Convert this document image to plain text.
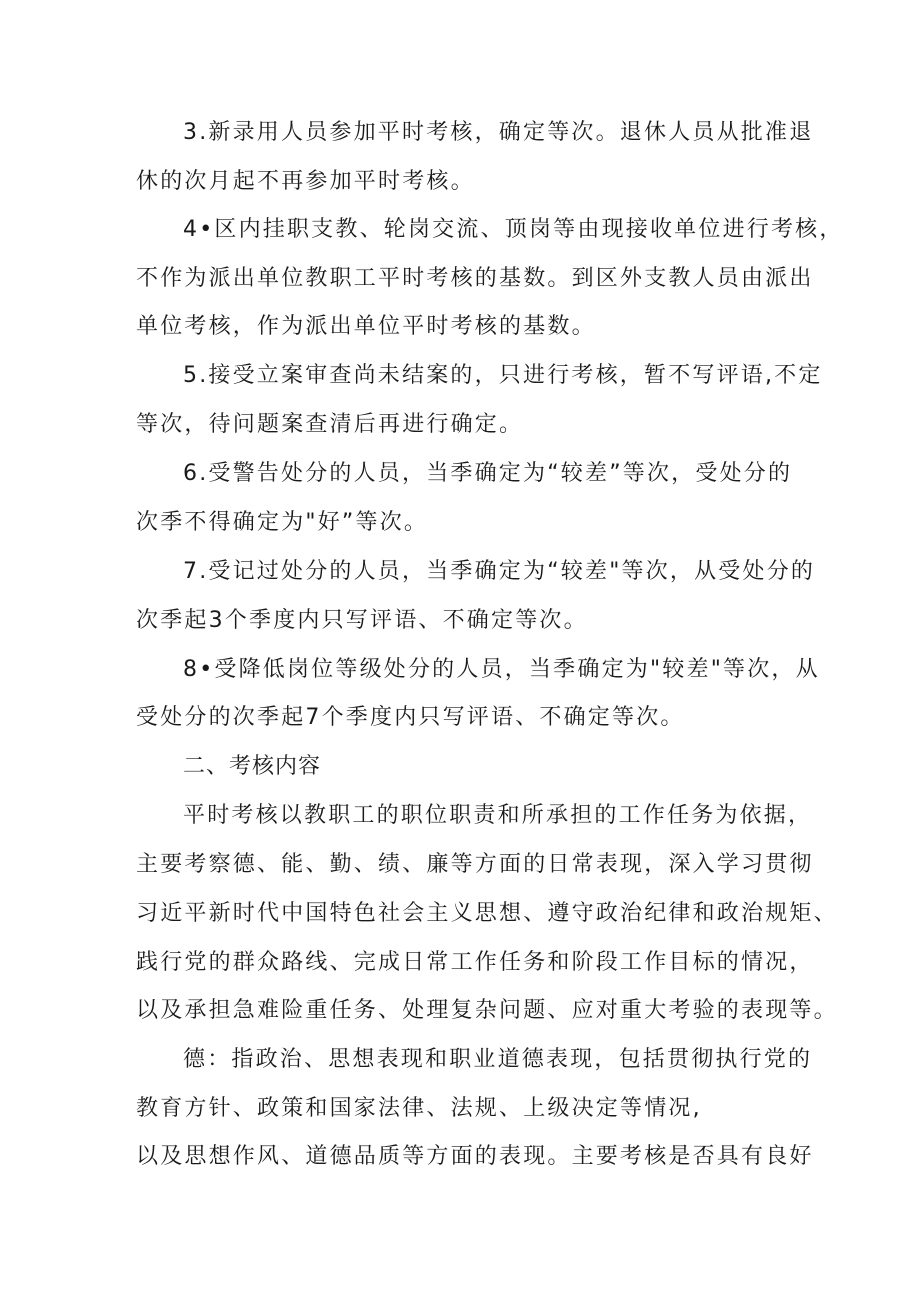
3.新录用人员参加平时考核，确定等次。退休人员从批准退
休的次月起不再参加平时考核。
4•区内挂职支教、轮岗交流、顶岗等由现接收单位进行考核，
不作为派出单位教职工平时考核的基数。到区外支教人员由派出
单位考核，作为派出单位平时考核的基数。
5.接受立案审查尚未结案的，只进行考核，暂不写评语,不定
等次，待问题案查清后再进行确定。
6.受警告处分的人员，当季确定为“较差”等次，受处分的
次季不得确定为"好”等次。
7.受记过处分的人员，当季确定为“较差"等次，从受处分的
次季起3个季度内只写评语、不确定等次。
8•受降低岗位等级处分的人员，当季确定为"较差"等次，从
受处分的次季起7个季度内只写评语、不确定等次。
二、考核内容
平时考核以教职工的职位职责和所承担的工作任务为依据，
主要考察德、能、勤、绩、廉等方面的日常表现，深入学习贯彻
习近平新时代中国特色社会主义思想、遵守政治纪律和政治规矩、
践行党的群众路线、完成日常工作任务和阶段工作目标的情况，
以及承担急难险重任务、处理复杂问题、应对重大考验的表现等。
德：指政治、思想表现和职业道德表现，包括贯彻执行党的
教育方针、政策和国家法律、法规、上级决定等情况,
以及思想作风、道德品质等方面的表现。主要考核是否具有良好
